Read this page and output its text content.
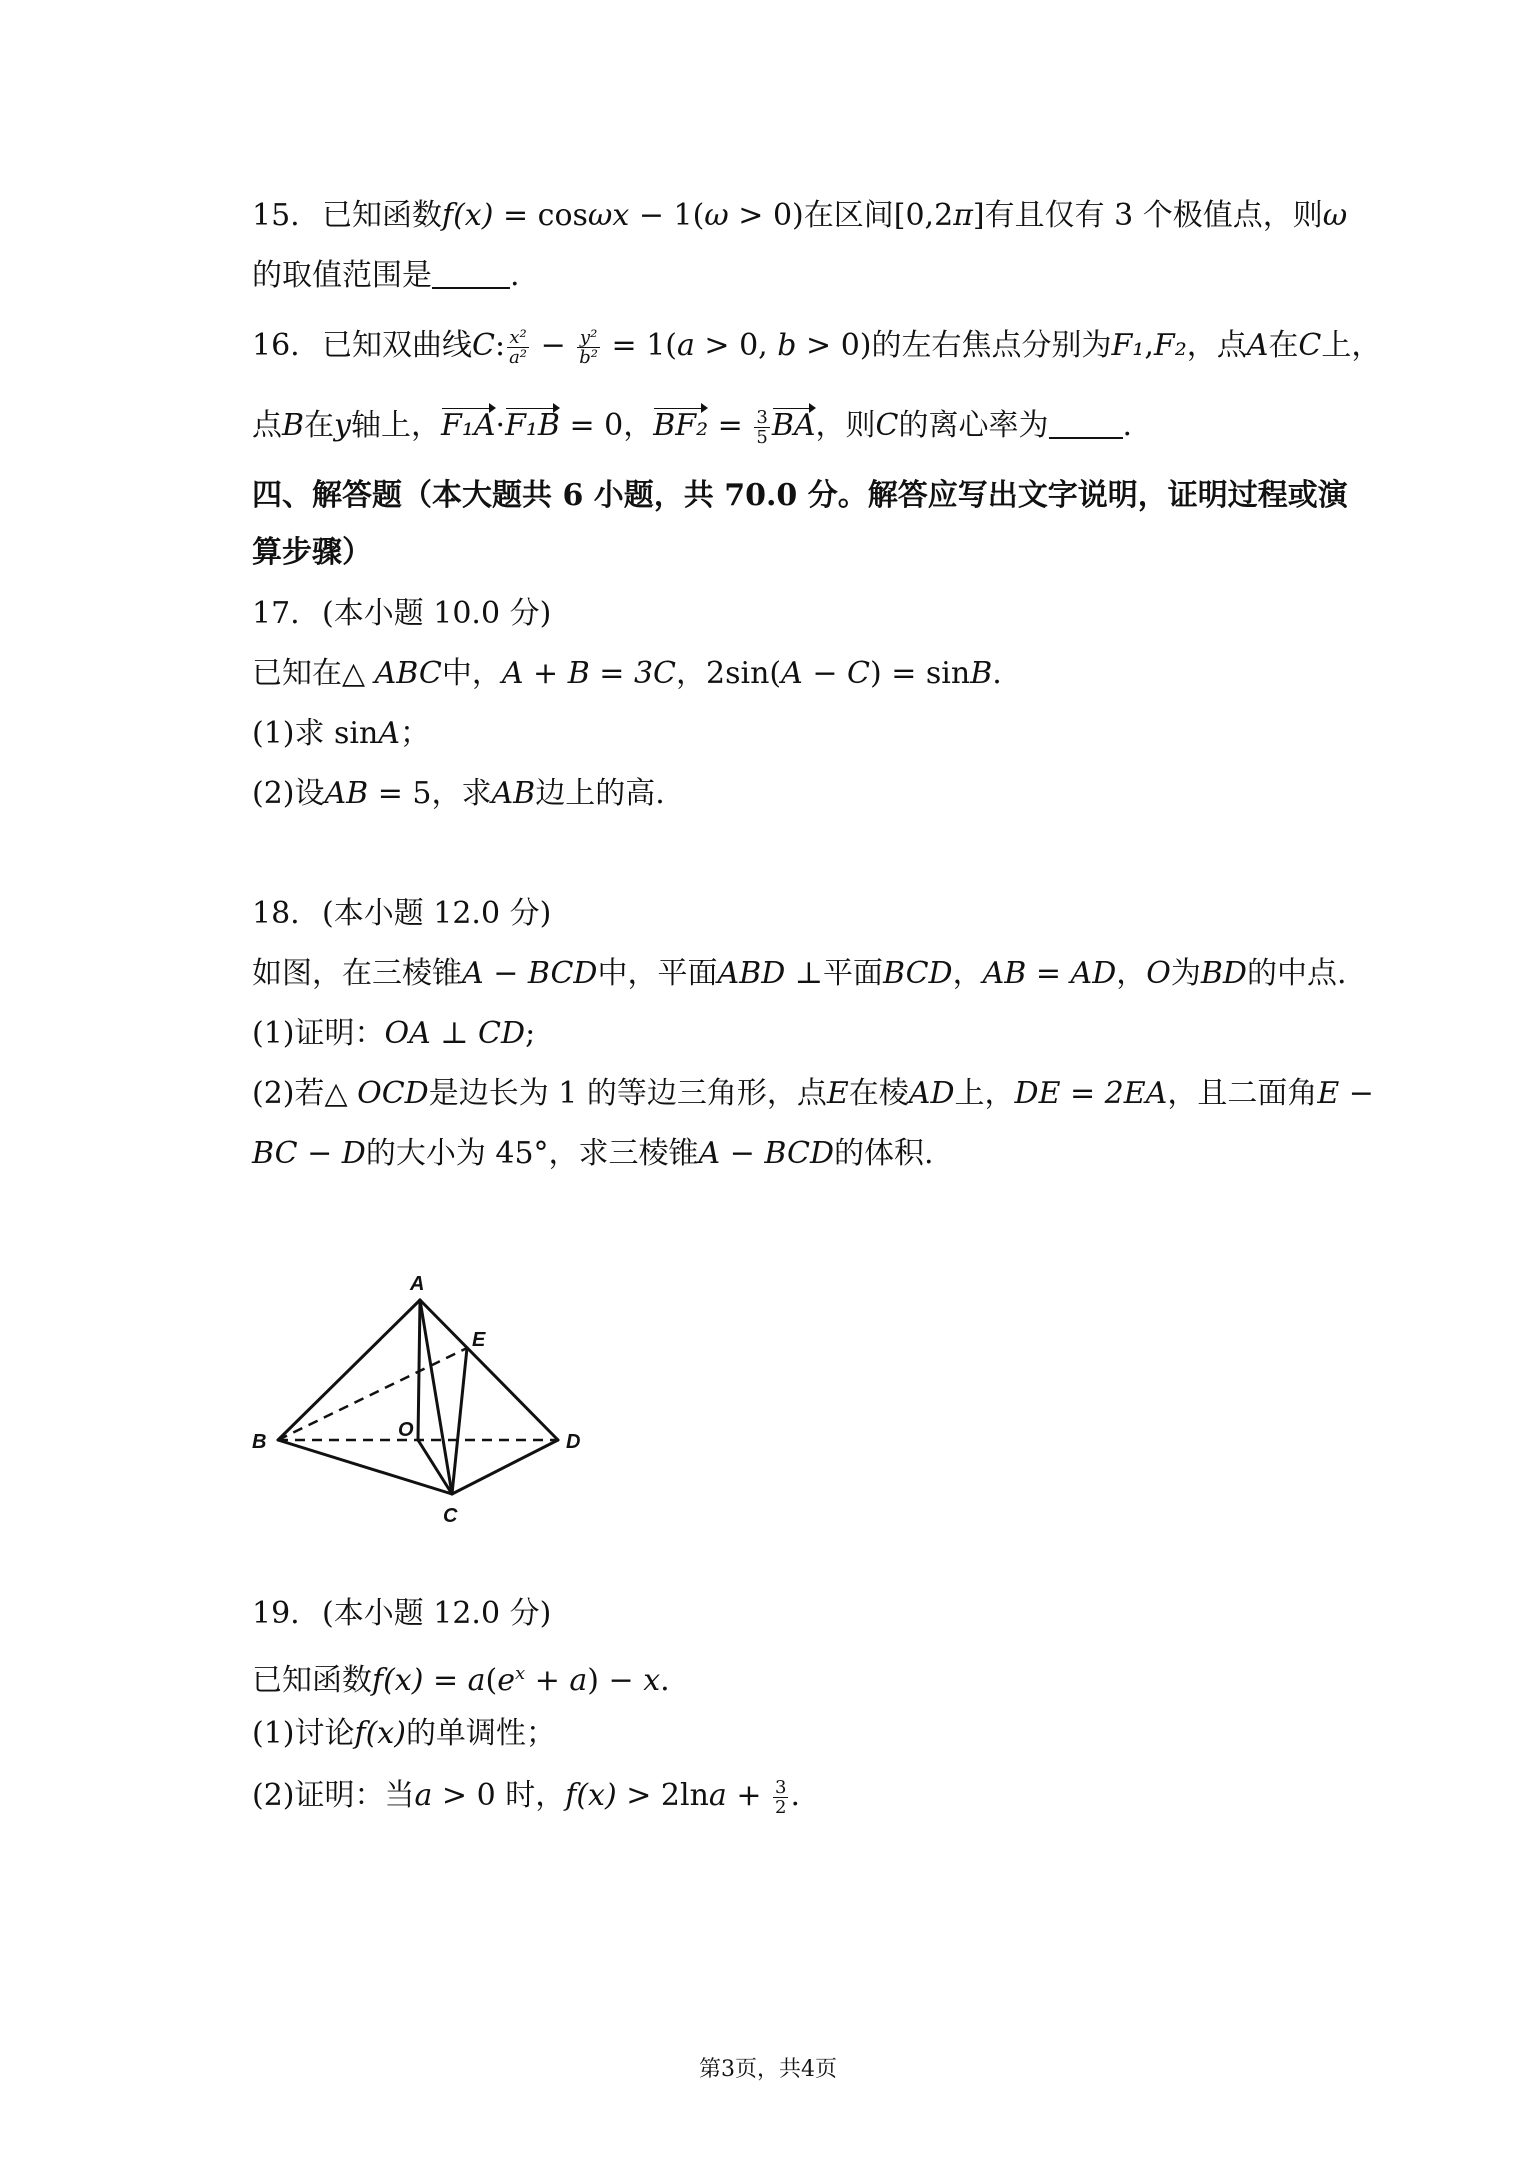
15. 已知函数f(x) = cosωx − 1(ω > 0)在区间[0,2π]有且仅有 3 个极值点，则ω
的取值范围是	.
16. 已知双曲线C: $\frac{\text{x²}}{\text{a²}} - \frac{\text{y²}}{\text{b²}} = 1(a > 0$, b > 0)的左右焦点分别为F₁,F₂，点A在C上，
点B在y轴上，F₁A·F₁B = 0，$BF_2 = \frac{3}{5}$ BA，则C的离心率为 .
四、解答题（本大题共 6 小题，共 70.0 分。解答应写出文字说明，证明过程或演
算步骤）
17. (本小题 10.0 分)
已知在△ ABC中，A + B = 3C，2sin(A − C) = sinB.
(1)求 sinA；
(2)设AB = 5，求AB边上的高.
18. (本小题 12.0 分)
如图，在三棱锥A − BCD中，平面ABD ⊥平面BCD，AB = AD，O为BD的中点.
(1)证明：OA ⊥ CD;
(2)若△ OCD是边长为 1 的等边三角形，点E在棱AD上，DE = 2EA，且二面角E −
BC − D的大小为 45°，求三棱锥A − BCD的体积.
A
B
C
D
E
O
19. (本小题 12.0 分)
已知函数$f(x) = a(e^x + a) - x$.
(1)讨论f(x)的单调性；
(2)证明：当a > 0 时，$f(x) > 2\ln a + \frac{3}{2}$ .
第3页，共4页
